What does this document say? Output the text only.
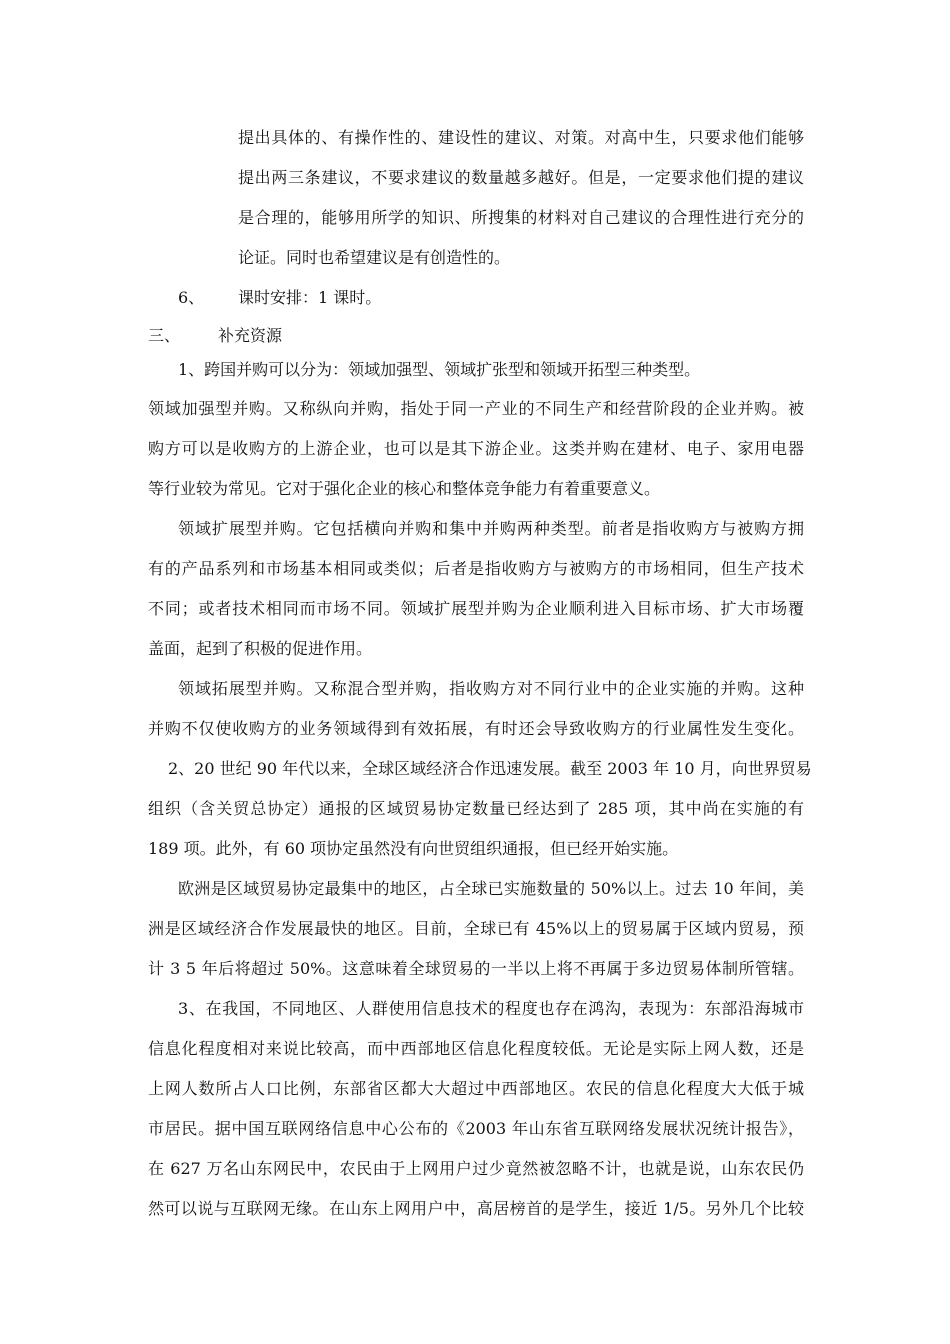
提出具体的、有操作性的、建设性的建议、对策。对高中生，只要求他们能够
提出两三条建议，不要求建议的数量越多越好。但是，一定要求他们提的建议
是合理的，能够用所学的知识、所搜集的材料对自己建议的合理性进行充分的
论证。同时也希望建议是有创造性的。
6、 课时安排：1 课时。
三、 补充资源
1、跨国并购可以分为：领域加强型、领域扩张型和领域开拓型三种类型。
领域加强型并购。又称纵向并购，指处于同一产业的不同生产和经营阶段的企业并购。被
购方可以是收购方的上游企业，也可以是其下游企业。这类并购在建材、电子、家用电器
等行业较为常见。它对于强化企业的核心和整体竞争能力有着重要意义。
领域扩展型并购。它包括横向并购和集中并购两种类型。前者是指收购方与被购方拥
有的产品系列和市场基本相同或类似；后者是指收购方与被购方的市场相同，但生产技术
不同；或者技术相同而市场不同。领域扩展型并购为企业顺利进入目标市场、扩大市场覆
盖面，起到了积极的促进作用。
领域拓展型并购。又称混合型并购，指收购方对不同行业中的企业实施的并购。这种
并购不仅使收购方的业务领域得到有效拓展，有时还会导致收购方的行业属性发生变化。
2、20 世纪 90 年代以来，全球区域经济合作迅速发展。截至 2003 年 10 月，向世界贸易
组织（含关贸总协定）通报的区域贸易协定数量已经达到了 285 项，其中尚在实施的有
189 项。此外，有 60 项协定虽然没有向世贸组织通报，但已经开始实施。
欧洲是区域贸易协定最集中的地区，占全球已实施数量的 50%以上。过去 10 年间，美
洲是区域经济合作发展最快的地区。目前，全球已有 45%以上的贸易属于区域内贸易，预
计 3 5 年后将超过 50%。这意味着全球贸易的一半以上将不再属于多边贸易体制所管辖。
3、在我国，不同地区、人群使用信息技术的程度也存在鸿沟，表现为：东部沿海城市
信息化程度相对来说比较高，而中西部地区信息化程度较低。无论是实际上网人数，还是
上网人数所占人口比例，东部省区都大大超过中西部地区。农民的信息化程度大大低于城
市居民。据中国互联网络信息中心公布的《2003 年山东省互联网络发展状况统计报告》，
在 627 万名山东网民中，农民由于上网用户过少竟然被忽略不计，也就是说，山东农民仍
然可以说与互联网无缘。在山东上网用户中，高居榜首的是学生，接近 1/5。另外几个比较
